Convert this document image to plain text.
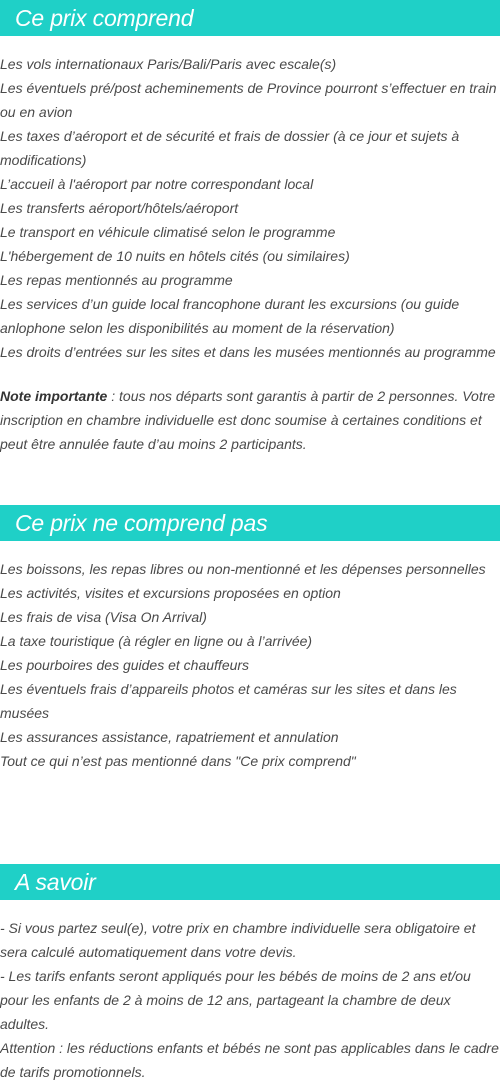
Ce prix comprend
Les vols internationaux Paris/Bali/Paris avec escale(s)
Les éventuels pré/post acheminements de Province pourront s’effectuer en train ou en avion
Les taxes d’aéroport et de sécurité et frais de dossier (à ce jour et sujets à modifications)
L’accueil à l'aéroport par notre correspondant local
Les transferts aéroport/hôtels/aéroport
Le transport en véhicule climatisé selon le programme
L'hébergement de 10 nuits en hôtels cités (ou similaires)
Les repas mentionnés au programme
Les services d’un guide local francophone durant les excursions (ou guide anlophone selon les disponibilités au moment de la réservation)
Les droits d’entrées sur les sites et dans les musées mentionnés au programme

Note importante : tous nos départs sont garantis à partir de 2 personnes. Votre inscription en chambre individuelle est donc soumise à certaines conditions et peut être annulée faute d’au moins 2 participants.

Ce prix ne comprend pas
Les boissons, les repas libres ou non-mentionné et les dépenses personnelles
Les activités, visites et excursions proposées en option
Les frais de visa (Visa On Arrival)
La taxe touristique (à régler en ligne ou à l’arrivée)
Les pourboires des guides et chauffeurs
Les éventuels frais d’appareils photos et caméras sur les sites et dans les musées
Les assurances assistance, rapatriement et annulation
Tout ce qui n’est pas mentionné dans "Ce prix comprend"
A savoir
- Si vous partez seul(e), votre prix en chambre individuelle sera obligatoire et sera calculé automatiquement dans votre devis.
- Les tarifs enfants seront appliqués pour les bébés de moins de 2 ans et/ou pour les enfants de 2 à moins de 12 ans, partageant la chambre de deux adultes.
Attention : les réductions enfants et bébés ne sont pas applicables dans le cadre de tarifs promotionnels.
